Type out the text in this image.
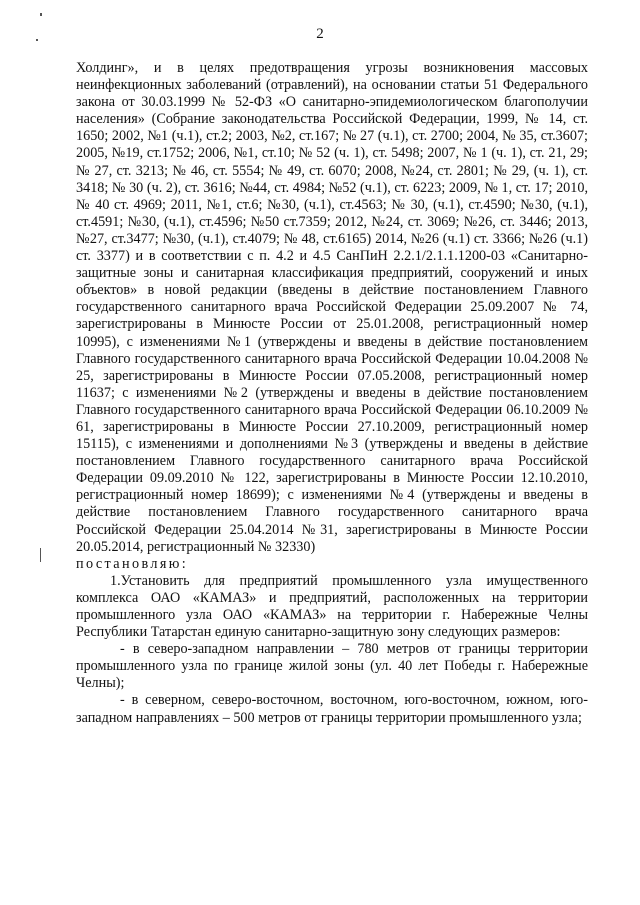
2

Холдинг», и в целях предотвращения угрозы возникновения массовых неинфекционных заболеваний (отравлений), на основании статьи 51 Федерального закона от 30.03.1999 № 52-ФЗ «О санитарно-эпидемиологическом благополучии населения» (Собрание законодательства Российской Федерации, 1999, № 14, ст. 1650; 2002, №1 (ч.1), ст.2; 2003, №2, ст.167; № 27 (ч.1), ст. 2700; 2004, № 35, ст.3607; 2005, №19, ст.1752; 2006, №1, ст.10; № 52 (ч. 1), ст. 5498; 2007, № 1 (ч. 1), ст. 21, 29; № 27, ст. 3213; № 46, ст. 5554; № 49, ст. 6070; 2008, №24, ст. 2801; № 29, (ч. 1), ст. 3418; № 30 (ч. 2), ст. 3616; №44, ст. 4984; №52 (ч.1), ст. 6223; 2009, № 1, ст. 17; 2010, № 40 ст. 4969; 2011, №1, ст.6; №30, (ч.1), ст.4563; № 30, (ч.1), ст.4590; №30, (ч.1), ст.4591; №30, (ч.1), ст.4596; №50 ст.7359; 2012, №24, ст. 3069; №26, ст. 3446; 2013, №27, ст.3477; №30, (ч.1), ст.4079; № 48, ст.6165) 2014, №26 (ч.1) ст. 3366; №26 (ч.1) ст. 3377) и в соответствии с п. 4.2 и 4.5 СанПиН 2.2.1/2.1.1.1200-03 «Санитарно-защитные зоны и санитарная классификация предприятий, сооружений и иных объектов» в новой редакции (введены в действие постановлением Главного государственного санитарного врача Российской Федерации 25.09.2007 № 74, зарегистрированы в Минюсте России от 25.01.2008, регистрационный номер 10995), с изменениями №1 (утверждены и введены в действие постановлением Главного государственного санитарного врача Российской Федерации 10.04.2008 № 25, зарегистрированы в Минюсте России 07.05.2008, регистрационный номер 11637; с изменениями №2 (утверждены и введены в действие постановлением Главного государственного санитарного врача Российской Федерации 06.10.2009 № 61, зарегистрированы в Минюсте России 27.10.2009, регистрационный номер 15115), с изменениями и дополнениями №3 (утверждены и введены в действие постановлением Главного государственного санитарного врача Российской Федерации 09.09.2010 № 122, зарегистрированы в Минюсте России 12.10.2010, регистрационный номер 18699); с изменениями №4 (утверждены и введены в действие постановлением Главного государственного санитарного врача Российской Федерации 25.04.2014 №31, зарегистрированы в Минюсте России 20.05.2014, регистрационный № 32330)

постановляю:

1.Установить для предприятий промышленного узла имущественного комплекса ОАО «КАМАЗ» и предприятий, расположенных на территории промышленного узла ОАО «КАМАЗ» на территории г. Набережные Челны Республики Татарстан единую санитарно-защитную зону следующих размеров:

- в северо-западном направлении – 780 метров от границы территории промышленного узла по границе жилой зоны (ул. 40 лет Победы г. Набережные Челны);

- в северном, северо-восточном, восточном, юго-восточном, южном, юго-западном направлениях – 500 метров от границы территории промышленного узла;
